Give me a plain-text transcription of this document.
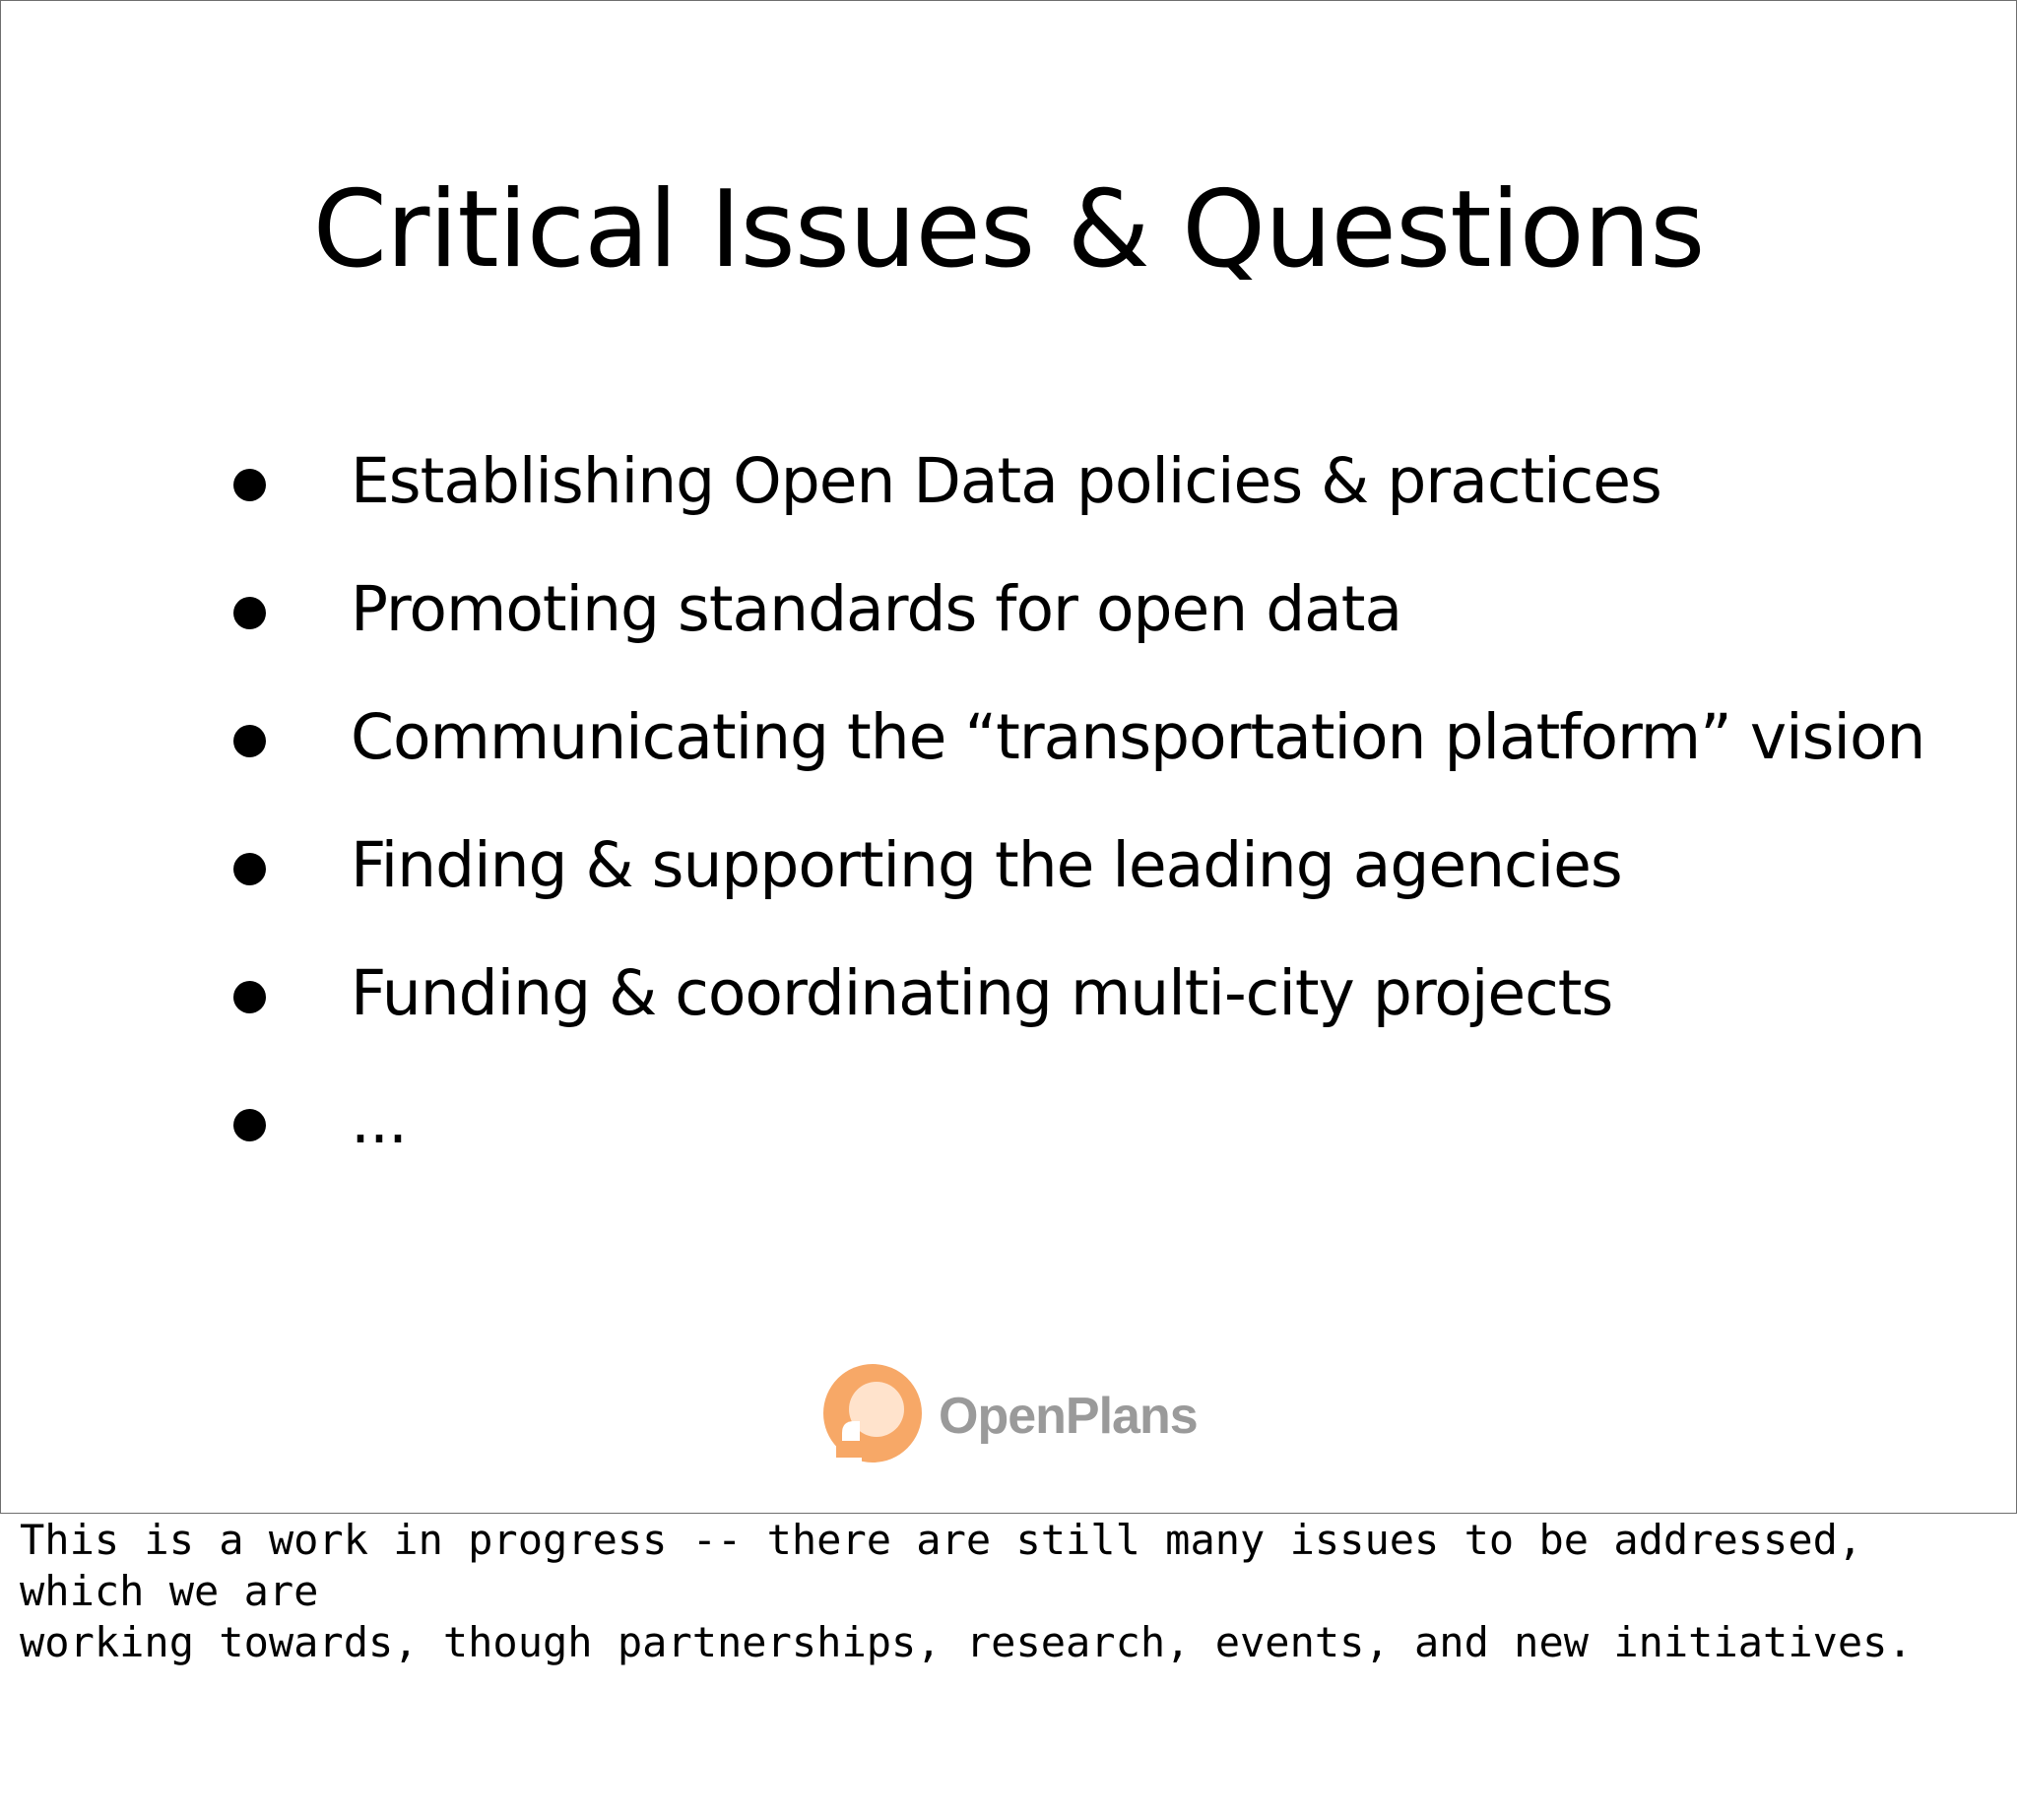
Critical Issues & Questions
Establishing Open Data policies & practices
Promoting standards for open data
Communicating the “transportation platform” vision
Finding & supporting the leading agencies
Funding & coordinating multi-city projects
...
OpenPlans

This is a work in progress -- there are still many issues to be addressed, which we are
working towards, though partnerships, research, events, and new initiatives.
